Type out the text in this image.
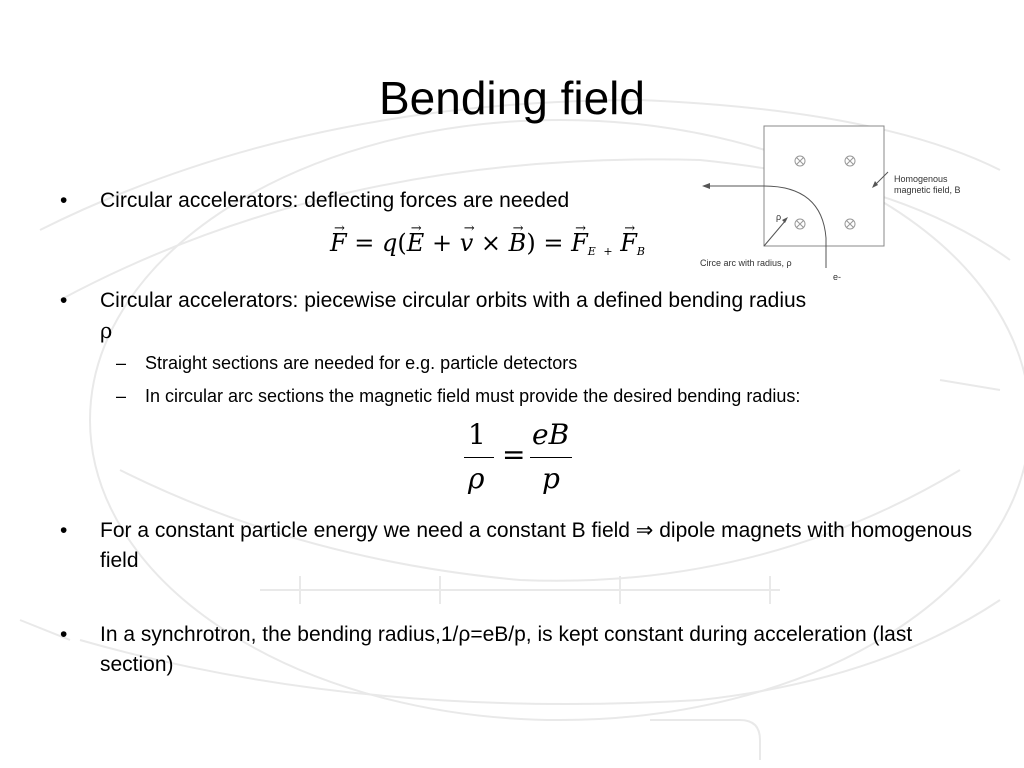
Bending field
• Circular accelerators: deflecting forces are needed
F → = q(E → + v → × B →) = F →E + F →B
• Circular accelerators: piecewise circular orbits with a defined bending radius
ρ
– Straight sections are needed for e.g. particle detectors
– In circular arc sections the magnetic field must provide the desired bending radius:
1
ρ
=
eB
p
• For a constant particle energy we need a constant B field ⇒ dipole magnets with homogenous field
• In a synchrotron, the bending radius,1/ρ=eB/p, is kept constant during acceleration (last section)
Homogenous magnetic field, B
Circe arc with radius, ρ
ρ
e-
